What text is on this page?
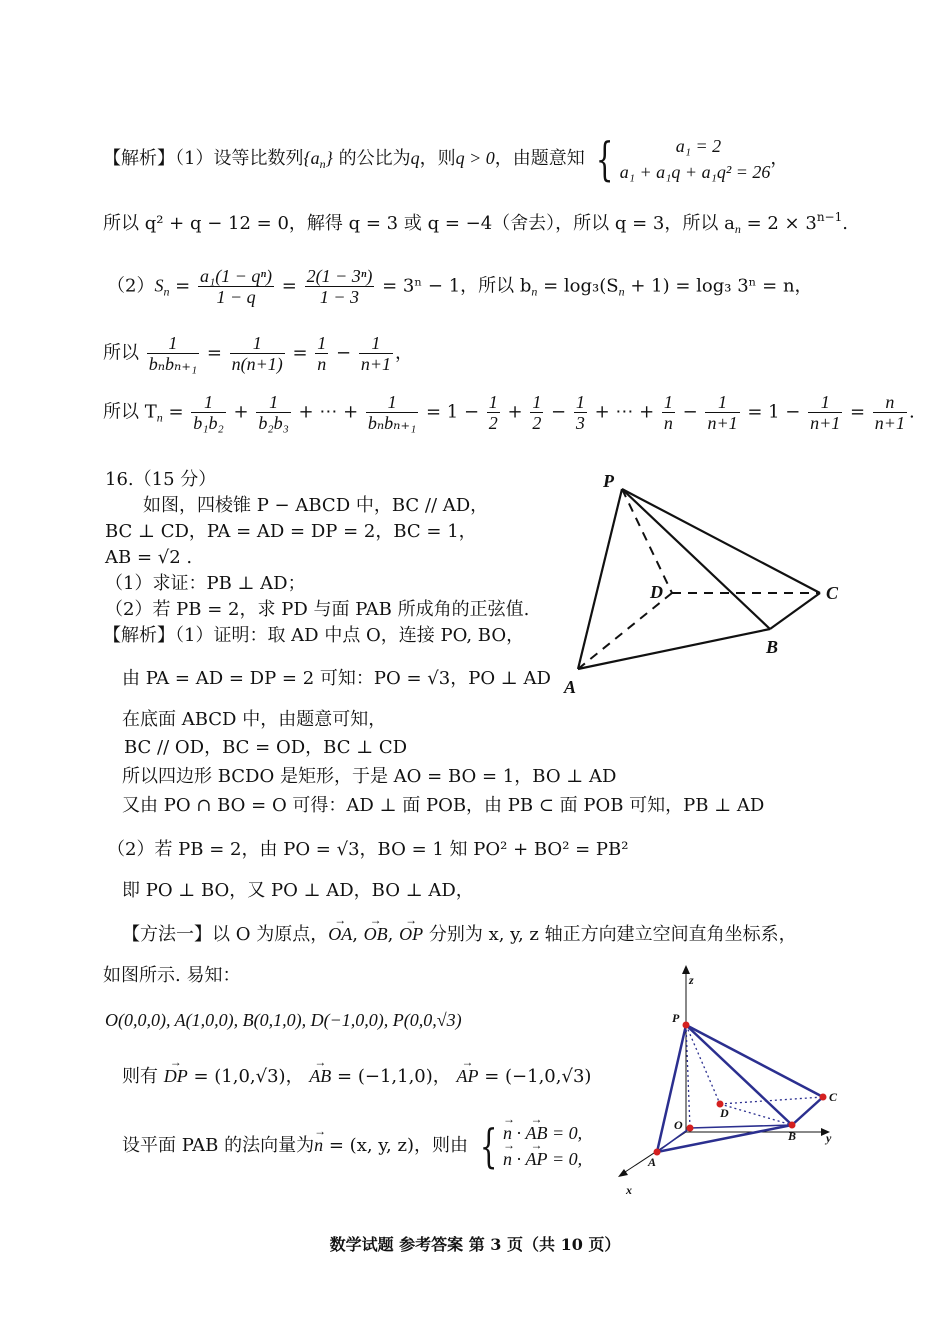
【解析】（1）设等比数列$\{a_n\}$ 的公比为q，则q > 0，由题意知 {	a₁ = 2
a₁ + a₁q + a₁q² = 26
，
所以 q² + q − 12 = 0，解得 q = 3 或 q = −4（舍去），所以 q = 3，所以 $a_n = 2 \times 3^{n-1}$.
$(2)S_n = \frac{\text{a₁(1 − qⁿ)}}{1 - q} = \frac{\text{2(1 − 3ⁿ)}}{1 - 3} = 3^n - 1$，所以 $b_n = \log_3(S_n + 1) = \log_3$ 3ⁿ = n，
所以 $\frac{1}{\text{bₙbₙ₊₁}} = \frac{1}{n(n+1)} = \frac{1}{n} - \frac{1}{n+1}$ ，
所以 $T_n = \frac{1}{\text{b₁b₂}} + \frac{1}{\text{b₂b₃}}$ + ⋯ + $\frac{1}{\text{bₙbₙ₊₁}} = 1 - \frac{1}{2} + \frac{1}{2} - \frac{1}{3}$ + ⋯ + $\frac{1}{n} - \frac{1}{n+1} = 1 - \frac{1}{n+1} = \frac{n}{n+1}$ .
16.（15 分）
如图，四棱锥 P − ABCD 中，BC // AD，
BC ⊥ CD，PA = AD = DP = 2，BC = 1，
AB = √2 .
（1）求证：PB ⊥ AD；
（2）若 PB = 2，求 PD 与面 PAB 所成角的正弦值.
【解析】（1）证明：取 AD 中点 O，连接 PO, BO，
由 PA = AD = DP = 2 可知：PO = √3，PO ⊥ AD
在底面 ABCD 中，由题意可知，
BC // OD，BC = OD，BC ⊥ CD
所以四边形 BCDO 是矩形，于是 AO = BO = 1，BO ⊥ AD
又由 PO ∩ BO = O 可得：AD ⊥ 面 POB，由 PB ⊂ 面 POB 可知，PB ⊥ AD
（2）若 PB = 2，由 PO = √3，BO = 1 知 PO² + BO² = PB²
即 PO ⊥ BO，又 PO ⊥ AD，BO ⊥ AD，
【方法一】以 O 为原点，→ OA, → OB, → OP 分别为 x, y, z 轴正方向建立空间直角坐标系，
如图所示. 易知：
O(0,0,0), A(1,0,0), B(0,1,0), D(−1,0,0), P(0,0,√3)
则有 → DP = (1,0,√3)， → AB = (−1,1,0)， → AP = (−1,0,√3)
设平面 PAB 的法向量为→ n = (x, y, z)，则由 { → n · → AB = 0,
→ n · → AP = 0,
P
D	C
B
A
z
P
C
D
O
B y
A
x
数学试题 参考答案 第 3 页（共 10 页）
